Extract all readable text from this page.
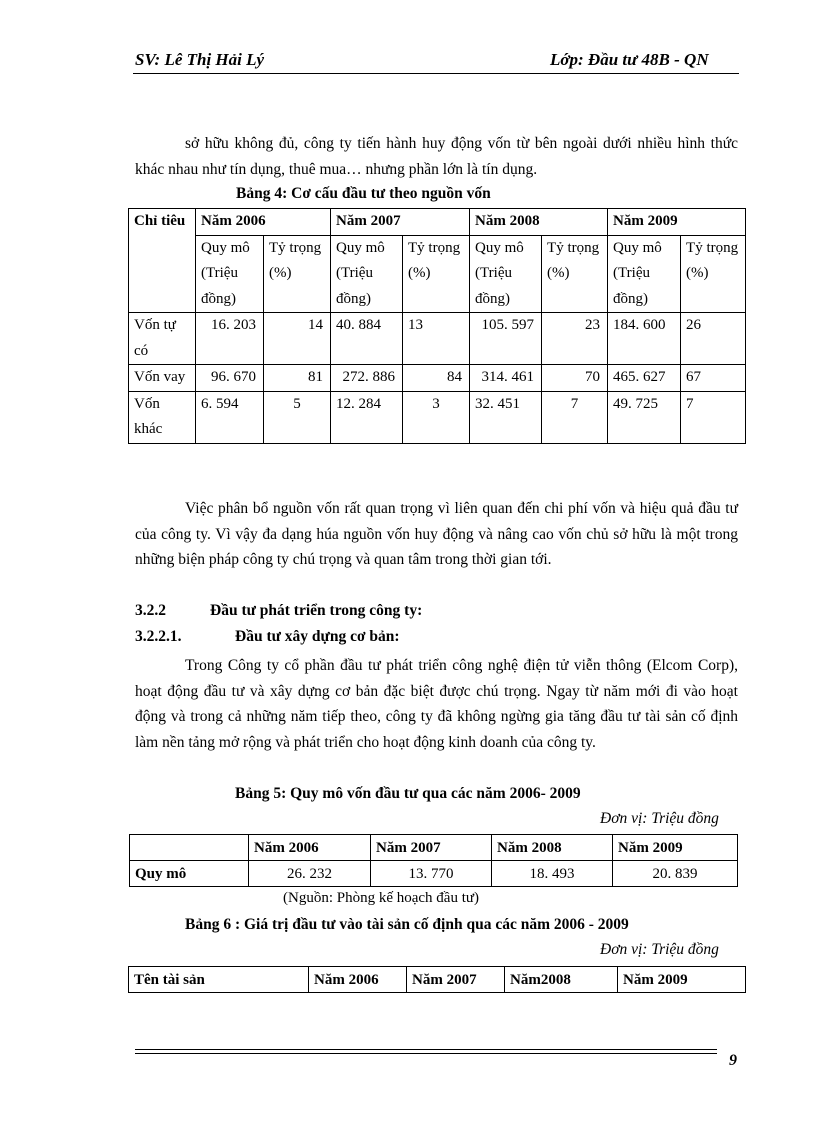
SV: Lê Thị Hải Lý	Lớp: Đầu tư 48B - QN

sở hữu không đủ, công ty tiến hành huy động vốn từ bên ngoài dưới nhiều hình thức khác nhau như tín dụng, thuê mua… nhưng phần lớn là tín dụng.

Bảng 4: Cơ cấu đầu tư theo nguồn vốn
Chỉ tiêu	Năm 2006		Năm 2007		Năm 2008		Năm 2009	
	Quy mô (Triệu đồng)	Tỷ trọng (%)	Quy mô (Triệu đồng)	Tỷ trọng (%)	Quy mô (Triệu đồng)	Tỷ trọng (%)	Quy mô (Triệu đồng)	Tỷ trọng (%)
Vốn tự có	16. 203	14	40. 884	13	105. 597	23	184. 600	26
Vốn vay	96. 670	81	272. 886	84	314. 461	70	465. 627	67
Vốn khác	6. 594	5	12. 284	3	32. 451	7	49. 725	7

Việc phân bổ nguồn vốn rất quan trọng vì liên quan đến chi phí vốn và hiệu quả đầu tư của công ty. Vì vậy đa dạng húa nguồn vốn huy động và nâng cao vốn chủ sở hữu là một trong những biện pháp công ty chú trọng và quan tâm trong thời gian tới.

3.2.2	Đầu tư phát triển trong công ty:
3.2.2.1.	Đầu tư xây dựng cơ bản:

Trong Công ty cổ phần đầu tư phát triển công nghệ điện tử viễn thông (Elcom Corp), hoạt động đầu tư và xây dựng cơ bản đặc biệt được chú trọng. Ngay từ năm mới đi vào hoạt động và trong cả những năm tiếp theo, công ty đã không ngừng gia tăng đầu tư tài sản cố định làm nền tảng mở rộng và phát triển cho hoạt động kinh doanh của công ty.

Bảng 5: Quy mô vốn đầu tư qua các năm 2006- 2009
Đơn vị: Triệu đồng
	Năm 2006	Năm 2007	Năm 2008	Năm 2009
Quy mô	26. 232	13. 770	18. 493	20. 839
(Nguồn: Phòng kế hoạch đầu tư)
Bảng 6 : Giá trị đầu tư vào tài sản cố định qua các năm 2006 - 2009
Đơn vị: Triệu đồng
Tên tài sản	Năm 2006	Năm 2007	Năm2008	Năm 2009
9
